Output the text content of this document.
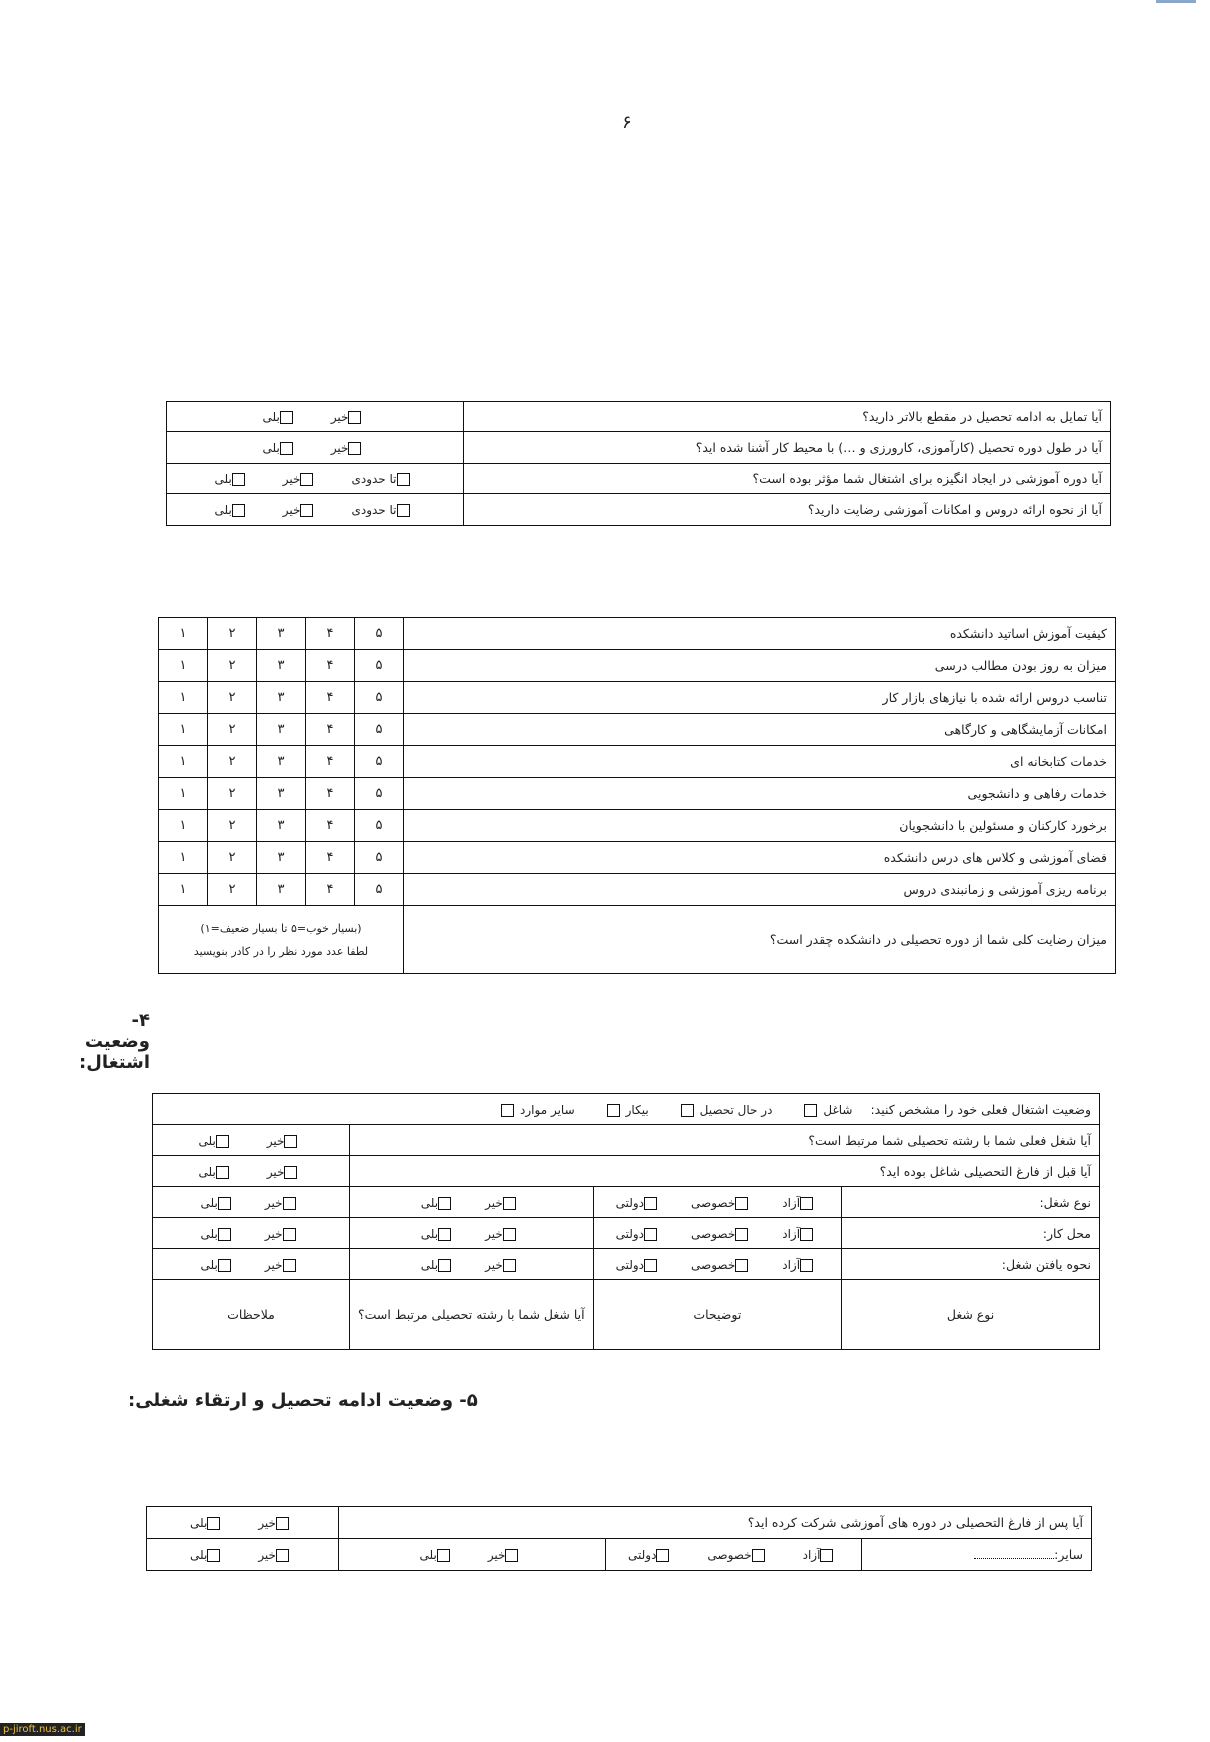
۶
خیر بلی	آیا تمایل به ادامه تحصیل در مقطع بالاتر دارید؟
خیر بلی	آیا در طول دوره تحصیل (کارآموزی، کارورزی و …) با محیط کار آشنا شده اید؟
تا حدودی خیر بلی	آیا دوره آموزشی در ایجاد انگیزه برای اشتغال شما مؤثر بوده است؟
تا حدودی خیر بلی	آیا از نحوه ارائه دروس و امکانات آموزشی رضایت دارید؟
۱	۲	۳	۴	۵	کیفیت آموزش اساتید دانشکده
۱	۲	۳	۴	۵	میزان به روز بودن مطالب درسی
۱	۲	۳	۴	۵	تناسب دروس ارائه شده با نیازهای بازار کار
۱	۲	۳	۴	۵	امکانات آزمایشگاهی و کارگاهی
۱	۲	۳	۴	۵	خدمات کتابخانه ای
۱	۲	۳	۴	۵	خدمات رفاهی و دانشجویی
۱	۲	۳	۴	۵	برخورد کارکنان و مسئولین با دانشجویان
۱	۲	۳	۴	۵	فضای آموزشی و کلاس های درس دانشکده
۱	۲	۳	۴	۵	برنامه ریزی آموزشی و زمانبندی دروس

(بسیار خوب=۵ تا بسیار ضعیف=۱)
لطفا عدد مورد نظر را در کادر بنویسید					میزان رضایت کلی شما از دوره تحصیلی در دانشکده چقدر است؟
۴- وضعیت اشتغال:
وضعیت اشتغال فعلی خود را مشخص کنید: شاغل در حال تحصیل بیکار سایر موارد			
خیر بلی	آیا شغل فعلی شما با رشته تحصیلی شما مرتبط است؟		
خیر بلی	آیا قبل از فارغ التحصیلی شاغل بوده اید؟		
خیربلی	خیربلی	آزادخصوصیدولتی	نوع شغل:
خیربلی	خیربلی	آزادخصوصیدولتی	محل کار:
خیربلی	خیربلی	آزادخصوصیدولتی	نحوه یافتن شغل:
ملاحظات	آیا شغل شما با رشته تحصیلی مرتبط است؟	توضیحات	نوع شغل
۵- وضعیت ادامه تحصیل و ارتقاء شغلی:
خیر بلی	آیا پس از فارغ التحصیلی در دوره های آموزشی شرکت کرده اید؟		
خیر بلی	خیر بلی	آزاد خصوصی دولتی	سایر:
p-jiroft.nus.ac.ir
